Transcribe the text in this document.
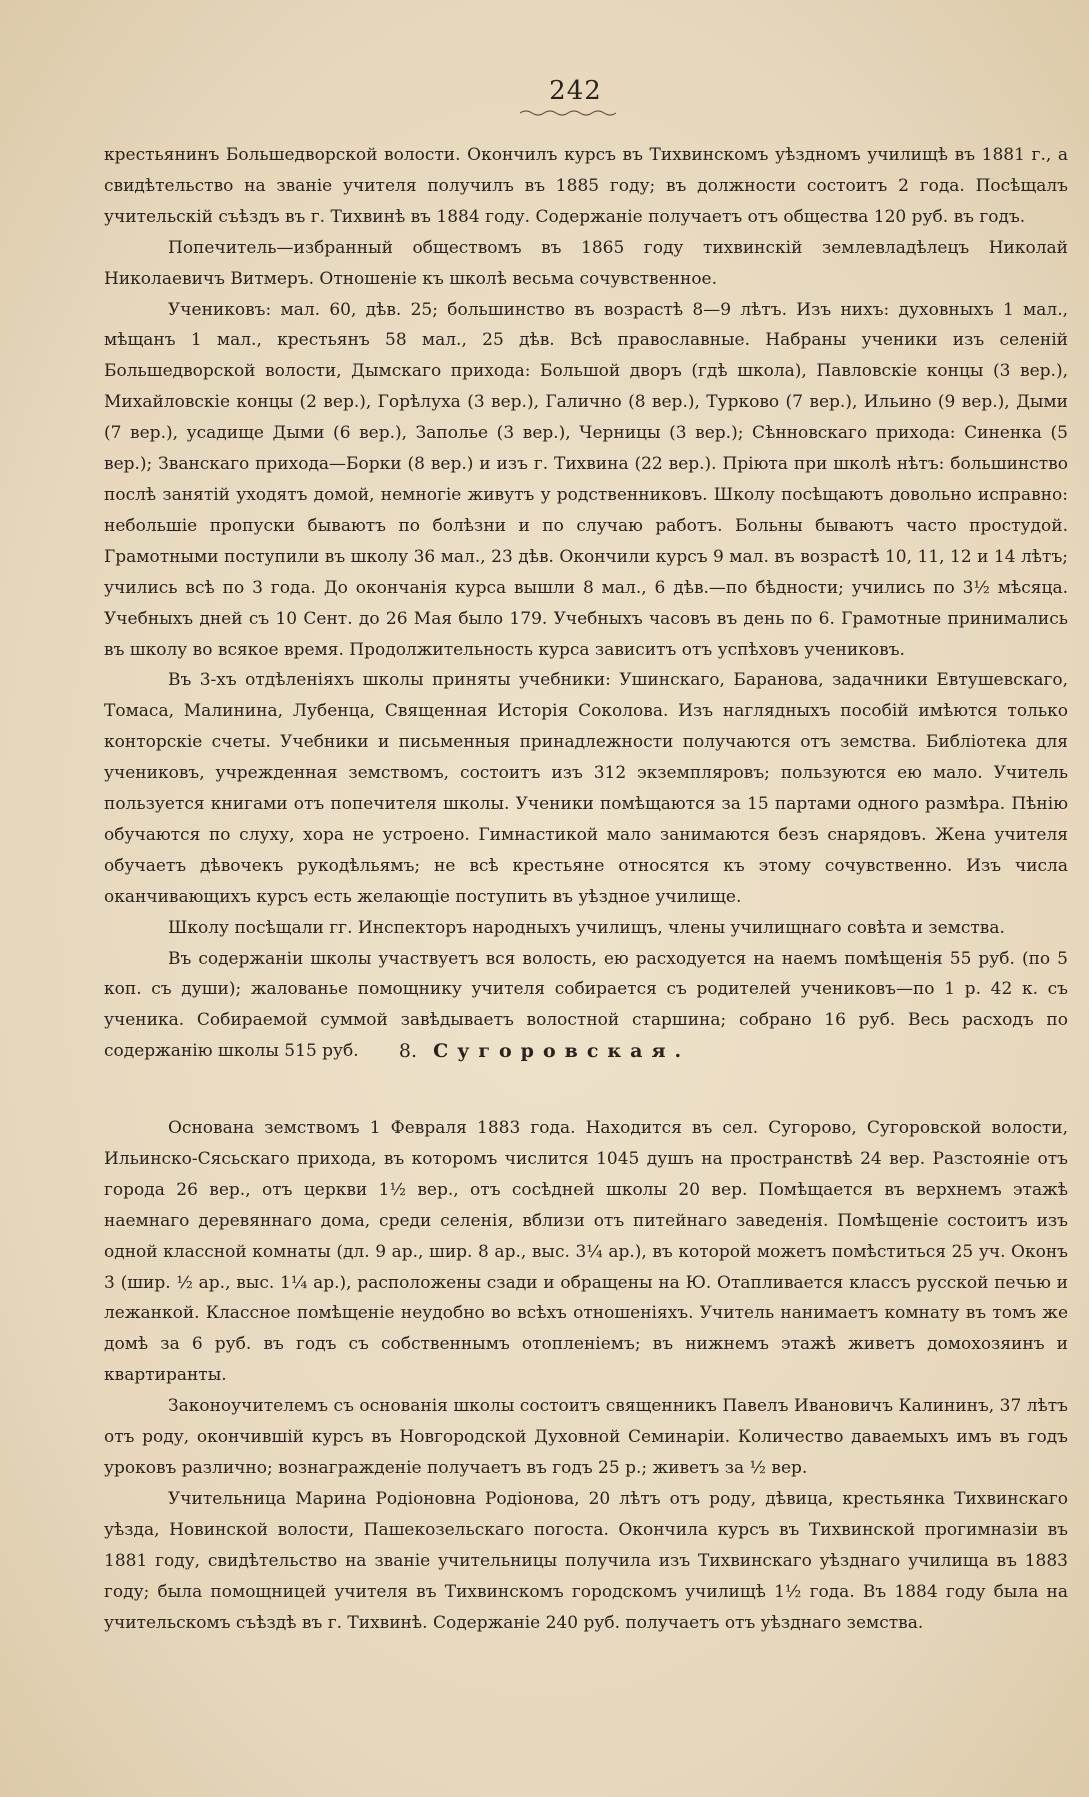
242

крестьянинъ Большедворской волости. Окончилъ курсъ въ Тихвинскомъ уѣздномъ училищѣ въ 1881 г., а свидѣтельство на званіе учителя получилъ въ 1885 году; въ должности состоитъ 2 года. Посѣщалъ учительскій съѣздъ въ г. Тихвинѣ въ 1884 году. Содержаніе получаетъ отъ общества 120 руб. въ годъ.

Попечитель—избранный обществомъ въ 1865 году тихвинскій землевладѣлецъ Николай Николаевичъ Витмеръ. Отношеніе къ школѣ весьма сочувственное.

Учениковъ: мал. 60, дѣв. 25; большинство въ возрастѣ 8—9 лѣтъ. Изъ нихъ: духовныхъ 1 мал., мѣщанъ 1 мал., крестьянъ 58 мал., 25 дѣв. Всѣ православные. Набраны ученики изъ селеній Большедворской волости, Дымскаго прихода: Большой дворъ (гдѣ школа), Павловскіе концы (3 вер.), Михайловскіе концы (2 вер.), Горѣлуха (3 вер.), Галично (8 вер.), Турково (7 вер.), Ильино (9 вер.), Дыми (7 вер.), усадище Дыми (6 вер.), Заполье (3 вер.), Черницы (3 вер.); Сѣнновскаго прихода: Синенка (5 вер.); Званскаго прихода—Борки (8 вер.) и изъ г. Тихвина (22 вер.). Пріюта при школѣ нѣтъ: большинство послѣ занятій уходятъ домой, немногіе живутъ у родственниковъ. Школу посѣщаютъ довольно исправно: небольшіе пропуски бываютъ по болѣзни и по случаю работъ. Больны бываютъ часто простудой. Грамотными поступили въ школу 36 мал., 23 дѣв. Окончили курсъ 9 мал. въ возрастѣ 10, 11, 12 и 14 лѣтъ; учились всѣ по 3 года. До окончанія курса вышли 8 мал., 6 дѣв.—по бѣдности; учились по 3½ мѣсяца. Учебныхъ дней съ 10 Сент. до 26 Мая было 179. Учебныхъ часовъ въ день по 6. Грамотные принимались въ школу во всякое время. Продолжительность курса зависитъ отъ успѣховъ учениковъ.

Въ 3-хъ отдѣленіяхъ школы приняты учебники: Ушинскаго, Баранова, задачники Евтушевскаго, Томаса, Малинина, Лубенца, Священная Исторія Соколова. Изъ наглядныхъ пособій имѣются только конторскіе счеты. Учебники и письменныя принадлежности получаются отъ земства. Библіотека для учениковъ, учрежденная земствомъ, состоитъ изъ 312 экземпляровъ; пользуются ею мало. Учитель пользуется книгами отъ попечителя школы. Ученики помѣщаются за 15 партами одного размѣра. Пѣнію обучаются по слуху, хора не устроено. Гимнастикой мало занимаются безъ снарядовъ. Жена учителя обучаетъ дѣвочекъ рукодѣльямъ; не всѣ крестьяне относятся къ этому сочувственно. Изъ числа оканчивающихъ курсъ есть желающіе поступить въ уѣздное училище.

Школу посѣщали гг. Инспекторъ народныхъ училищъ, члены училищнаго совѣта и земства.

Въ содержаніи школы участвуетъ вся волость, ею расходуется на наемъ помѣщенія 55 руб. (по 5 коп. съ души); жалованье помощнику учителя собирается съ родителей учениковъ—по 1 р. 42 к. съ ученика. Собираемой суммой завѣдываетъ волостной старшина; собрано 16 руб. Весь расходъ по содержанію школы 515 руб.	8. Сугоровская.

Основана земствомъ 1 Февраля 1883 года. Находится въ сел. Сугорово, Сугоровской волости, Ильинско-Сясьскаго прихода, въ которомъ числится 1045 душъ на пространствѣ 24 вер. Разстояніе отъ города 26 вер., отъ церкви 1½ вер., отъ сосѣдней школы 20 вер. Помѣщается въ верхнемъ этажѣ наемнаго деревяннаго дома, среди селенія, вблизи отъ питейнаго заведенія. Помѣщеніе состоитъ изъ одной классной комнаты (дл. 9 ар., шир. 8 ар., выс. 3¼ ар.), въ которой можетъ помѣститься 25 уч. Оконъ 3 (шир. ½ ар., выс. 1¼ ар.), расположены сзади и обращены на Ю. Отапливается классъ русской печью и лежанкой. Классное помѣщеніе неудобно во всѣхъ отношеніяхъ. Учитель нанимаетъ комнату въ томъ же домѣ за 6 руб. въ годъ съ собственнымъ отопленіемъ; въ нижнемъ этажѣ живетъ домохозяинъ и квартиранты.

Законоучителемъ съ основанія школы состоитъ священникъ Павелъ Ивановичъ Калининъ, 37 лѣтъ отъ роду, окончившій курсъ въ Новгородской Духовной Семинаріи. Количество даваемыхъ имъ въ годъ уроковъ различно; вознагражденіе получаетъ въ годъ 25 р.; живетъ за ½ вер.

Учительница Марина Родіоновна Родіонова, 20 лѣтъ отъ роду, дѣвица, крестьянка Тихвинскаго уѣзда, Новинской волости, Пашекозельскаго погоста. Окончила курсъ въ Тихвинской прогимназіи въ 1881 году, свидѣтельство на званіе учительницы получила изъ Тихвинскаго уѣзднаго училища въ 1883 году; была помощницей учителя въ Тихвинскомъ городскомъ училищѣ 1½ года. Въ 1884 году была на учительскомъ съѣздѣ въ г. Тихвинѣ. Содержаніе 240 руб. получаетъ отъ уѣзднаго земства.
